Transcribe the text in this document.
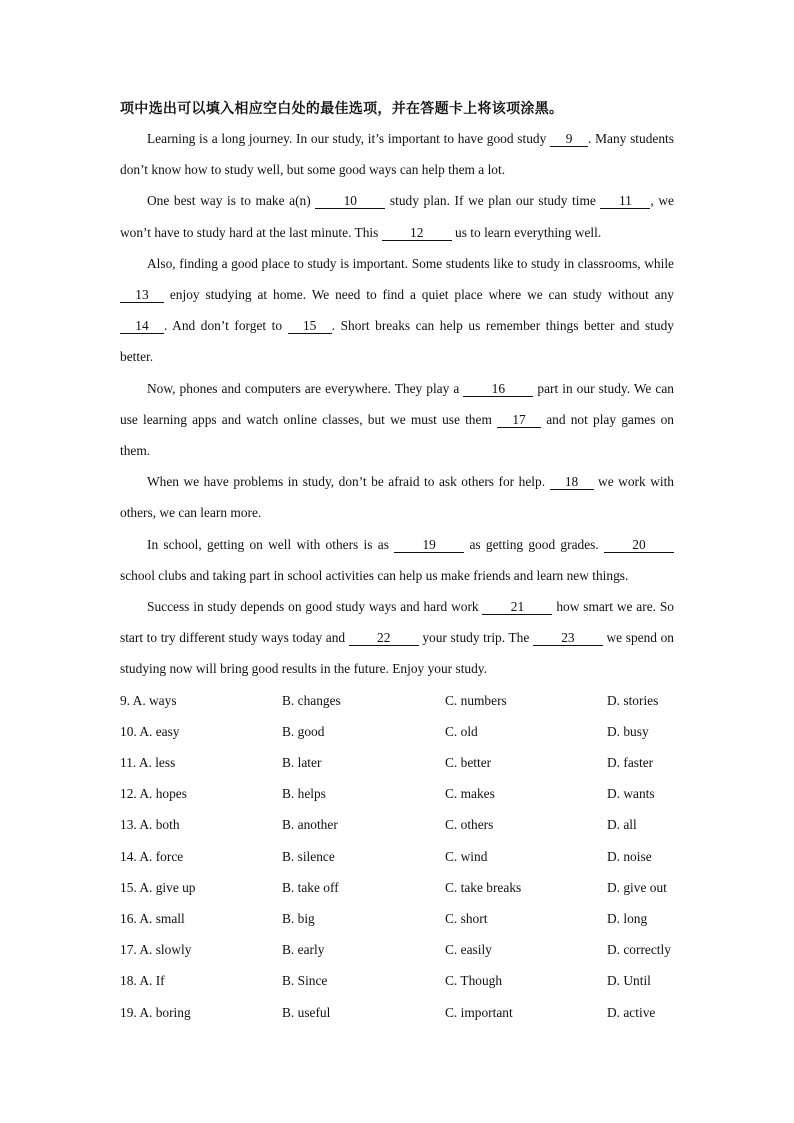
项中选出可以填入相应空白处的最佳选项，并在答题卡上将该项涂黑。

Learning is a long journey. In our study, it’s important to have good study 9 . Many students don’t know how to study well, but some good ways can help them a lot.

One best way is to make a(n) 10 study plan. If we plan our study time 11 , we won’t have to study hard at the last minute. This 12 us to learn everything well.

Also, finding a good place to study is important. Some students like to study in classrooms, while 13 enjoy studying at home. We need to find a quiet place where we can study without any 14 . And don’t forget to 15 . Short breaks can help us remember things better and study better.

Now, phones and computers are everywhere. They play a 16 part in our study. We can use learning apps and watch online classes, but we must use them 17 and not play games on them.

When we have problems in study, don’t be afraid to ask others for help. 18 we work with others, we can learn more.

In school, getting on well with others is as 19 as getting good grades. 20 school clubs and taking part in school activities can help us make friends and learn new things.

Success in study depends on good study ways and hard work 21 how smart we are. So start to try different study ways today and 22 your study trip. The 23 we spend on studying now will bring good results in the future. Enjoy your study.

9. A. ways	B. changes	C. numbers	D. stories
10. A. easy	B. good	C. old	D. busy
11. A. less	B. later	C. better	D. faster
12. A. hopes	B. helps	C. makes	D. wants
13. A. both	B. another	C. others	D. all
14. A. force	B. silence	C. wind	D. noise
15. A. give up	B. take off	C. take breaks	D. give out
16. A. small	B. big	C. short	D. long
17. A. slowly	B. early	C. easily	D. correctly
18. A. If	B. Since	C. Though	D. Until
19. A. boring	B. useful	C. important	D. active
